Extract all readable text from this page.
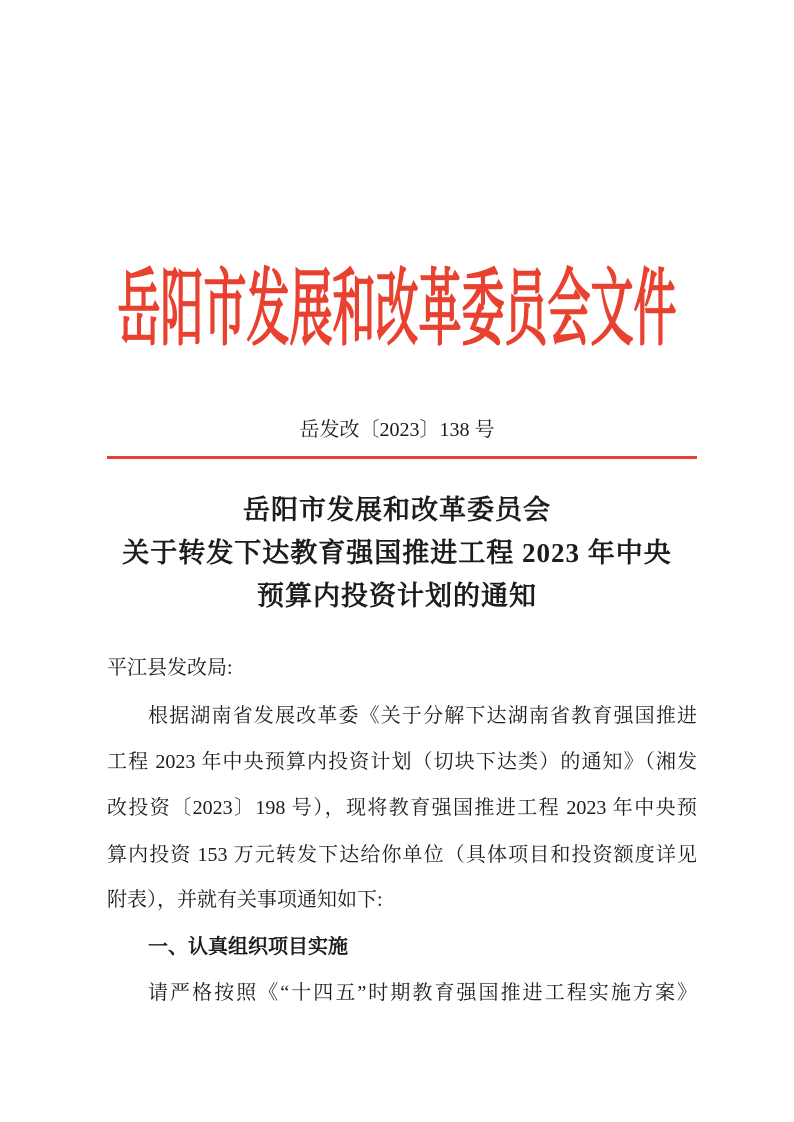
岳阳市发展和改革委员会文件
岳发改〔2023〕138 号
岳阳市发展和改革委员会
关于转发下达教育强国推进工程 2023 年中央
预算内投资计划的通知
平江县发改局:
根据湖南省发展改革委《关于分解下达湖南省教育强国推进
工程 2023 年中央预算内投资计划（切块下达类）的通知》（湘发
改投资〔2023〕198 号），现将教育强国推进工程 2023 年中央预
算内投资 153 万元转发下达给你单位（具体项目和投资额度详见
附表），并就有关事项通知如下:
一、认真组织项目实施
请严格按照《“十四五”时期教育强国推进工程实施方案》
